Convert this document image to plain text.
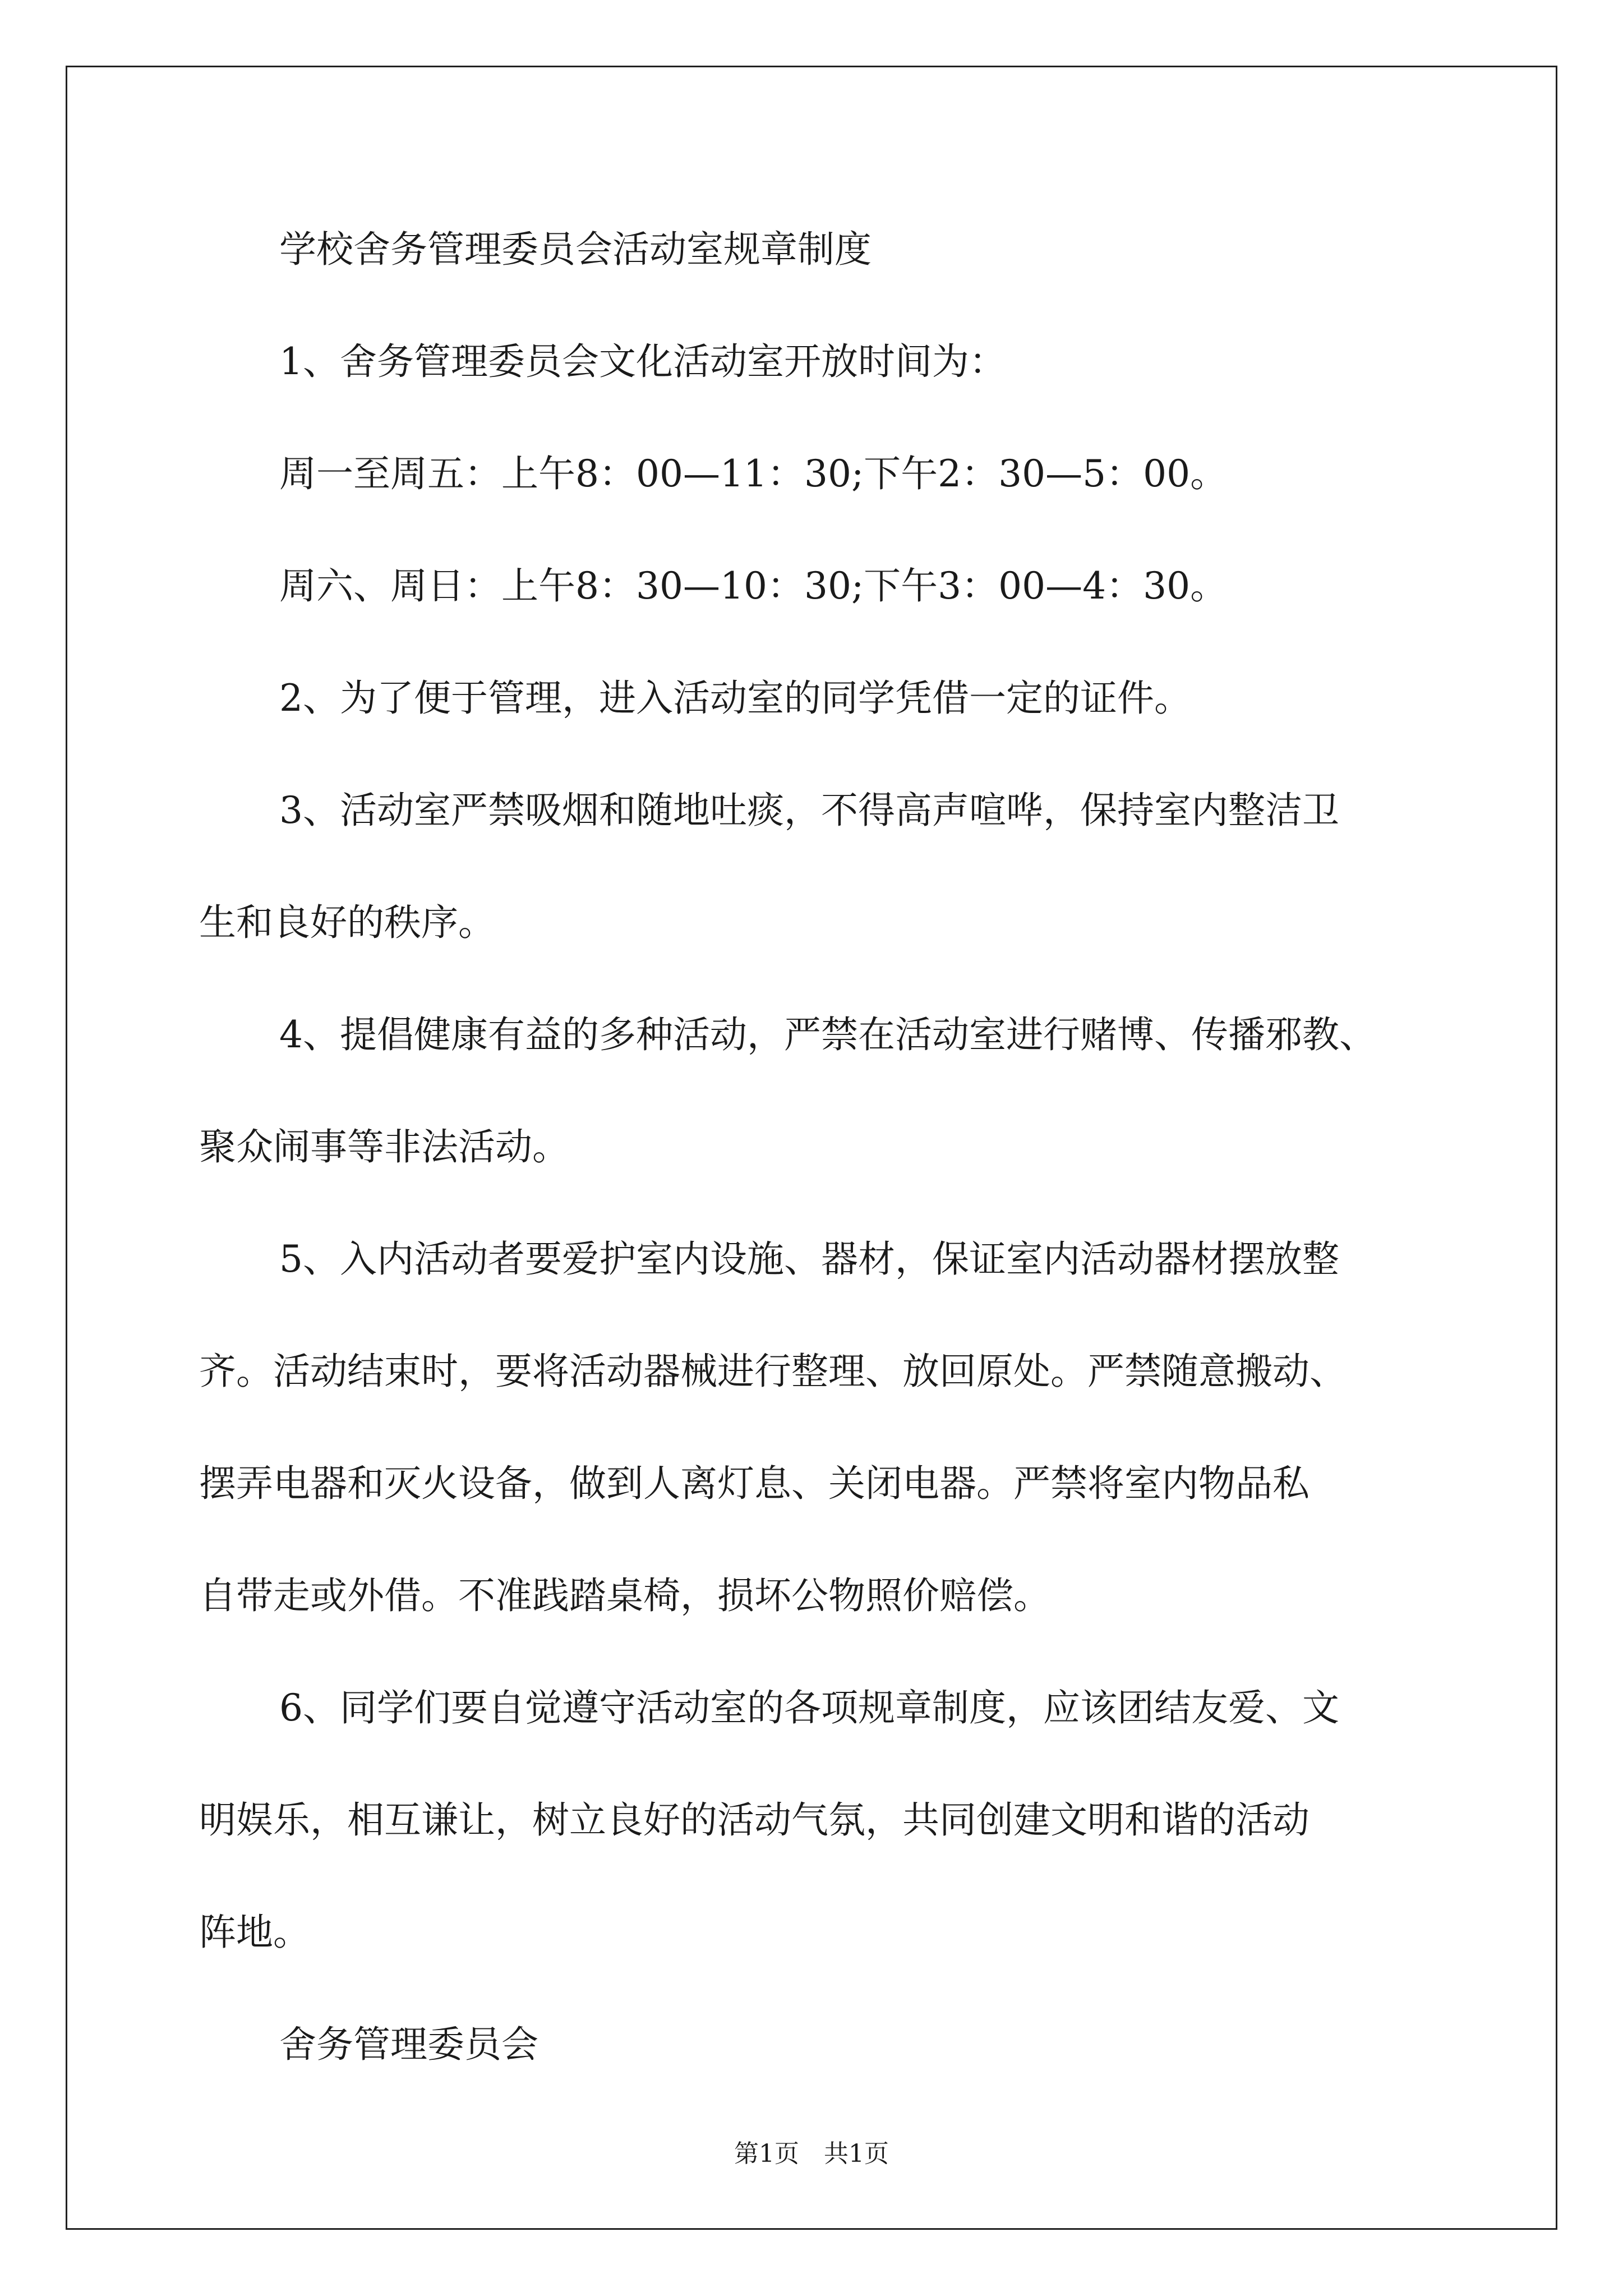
学校舍务管理委员会活动室规章制度
1、舍务管理委员会文化活动室开放时间为：
周一至周五：上午8：00—11：30;下午2：30—5：00。
周六、周日：上午8：30—10：30;下午3：00—4：30。
2、为了便于管理，进入活动室的同学凭借一定的证件。
3、活动室严禁吸烟和随地吐痰，不得高声喧哗，保持室内整洁卫
生和良好的秩序。
4、提倡健康有益的多种活动，严禁在活动室进行赌博、传播邪教、
聚众闹事等非法活动。
5、入内活动者要爱护室内设施、器材，保证室内活动器材摆放整
齐。活动结束时，要将活动器械进行整理、放回原处。严禁随意搬动、
摆弄电器和灭火设备，做到人离灯息、关闭电器。严禁将室内物品私
自带走或外借。不准践踏桌椅，损坏公物照价赔偿。
6、同学们要自觉遵守活动室的各项规章制度，应该团结友爱、文
明娱乐，相互谦让，树立良好的活动气氛，共同创建文明和谐的活动
阵地。
舍务管理委员会
第1页　共1页
